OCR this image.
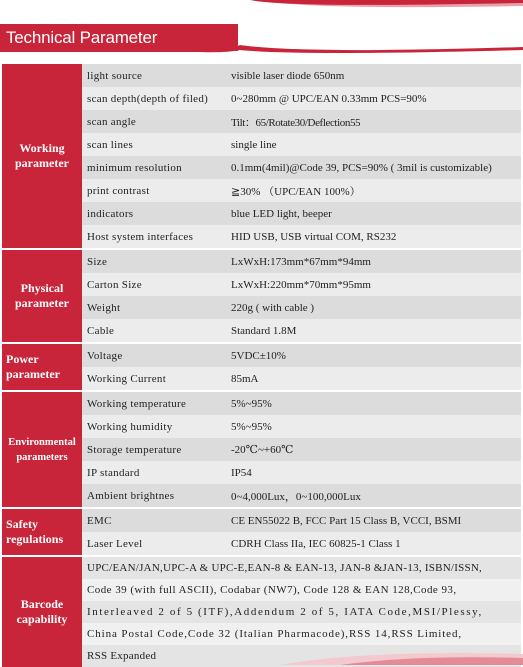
Technical Parameter
Working parameter
light source	visible laser diode 650nm
scan depth(depth of filed)	0~280mm @ UPC/EAN 0.33mm PCS=90%
scan angle	Tilt：65/Rotate30/Deflection55
scan lines	single line
minimum resolution	0.1mm(4mil)@Code 39, PCS=90% ( 3mil is customizable)
print contrast	≧30% （UPC/EAN 100%）
indicators	blue LED light, beeper
Host system interfaces	HID USB, USB virtual COM, RS232
Physical parameter
Size	LxWxH:173mm*67mm*94mm
Carton Size	LxWxH:220mm*70mm*95mm
Weight	220g ( with cable )
Cable	Standard 1.8M
Power parameter
Voltage	5VDC±10%
Working Current	85mA
Environmental parameters
Working temperature	5%~95%
Working humidity	5%~95%
Storage temperature	-20℃~+60℃
IP standard	IP54
Ambient brightnes	0~4,000Lux，0~100,000Lux
Safety regulations
EMC	CE EN55022 B, FCC Part 15 Class B, VCCI, BSMI
Laser Level	CDRH Class IIa, IEC 60825-1 Class 1
Barcode capability
UPC/EAN/JAN,UPC-A & UPC-E,EAN-8 & EAN-13, JAN-8 &JAN-13, ISBN/ISSN,
Code 39 (with full ASCII), Codabar (NW7), Code 128 & EAN 128,Code 93,
Interleaved 2 of 5 (ITF),Addendum 2 of 5, IATA Code,MSI/Plessy,
China Postal Code,Code 32 (Italian Pharmacode),RSS 14,RSS Limited,
RSS Expanded
